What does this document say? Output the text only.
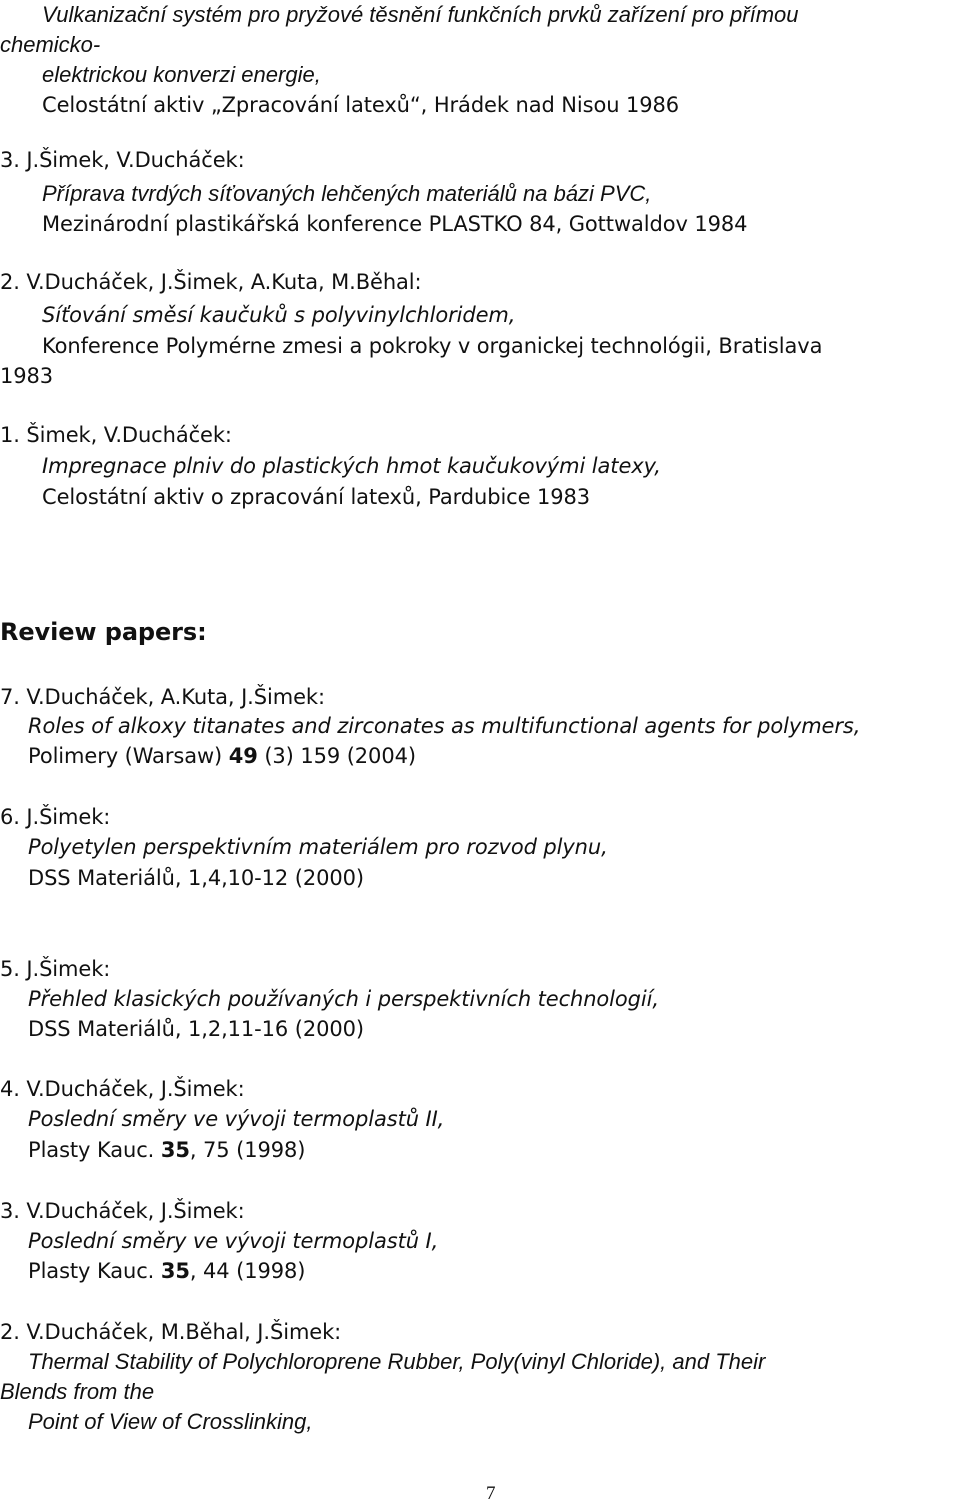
Vulkanizační systém pro pryžové těsnění funkčních prvků zařízení pro přímou
chemicko-
elektrickou konverzi energie,
Celostátní aktiv „Zpracování latexů“, Hrádek nad Nisou 1986
3. J.Šimek, V.Ducháček:
Příprava tvrdých síťovaných lehčených materiálů na bázi PVC,
Mezinárodní plastikářská konference PLASTKO 84, Gottwaldov 1984
2. V.Ducháček, J.Šimek, A.Kuta, M.Běhal:
Síťování směsí kaučuků s polyvinylchloridem,
Konference Polymérne zmesi a pokroky v organickej technológii, Bratislava
1983
1. Šimek, V.Ducháček:
Impregnace plniv do plastických hmot kaučukovými latexy,
Celostátní aktiv o zpracování latexů, Pardubice 1983
Review papers:
7. V.Ducháček, A.Kuta, J.Šimek:
Roles of alkoxy titanates and zirconates as multifunctional agents for polymers,
Polimery (Warsaw) 49 (3) 159 (2004)
6. J.Šimek:
Polyetylen perspektivním materiálem pro rozvod plynu,
DSS Materiálů, 1,4,10-12 (2000)
5. J.Šimek:
Přehled klasických používaných i perspektivních technologií,
DSS Materiálů, 1,2,11-16 (2000)
4. V.Ducháček, J.Šimek:
Poslední směry ve vývoji termoplastů II,
Plasty Kauc. 35, 75 (1998)
3. V.Ducháček, J.Šimek:
Poslední směry ve vývoji termoplastů I,
Plasty Kauc. 35, 44 (1998)
2. V.Ducháček, M.Běhal, J.Šimek:
Thermal Stability of Polychloroprene Rubber, Poly(vinyl Chloride), and Their
Blends from the
Point of View of Crosslinking,
7
